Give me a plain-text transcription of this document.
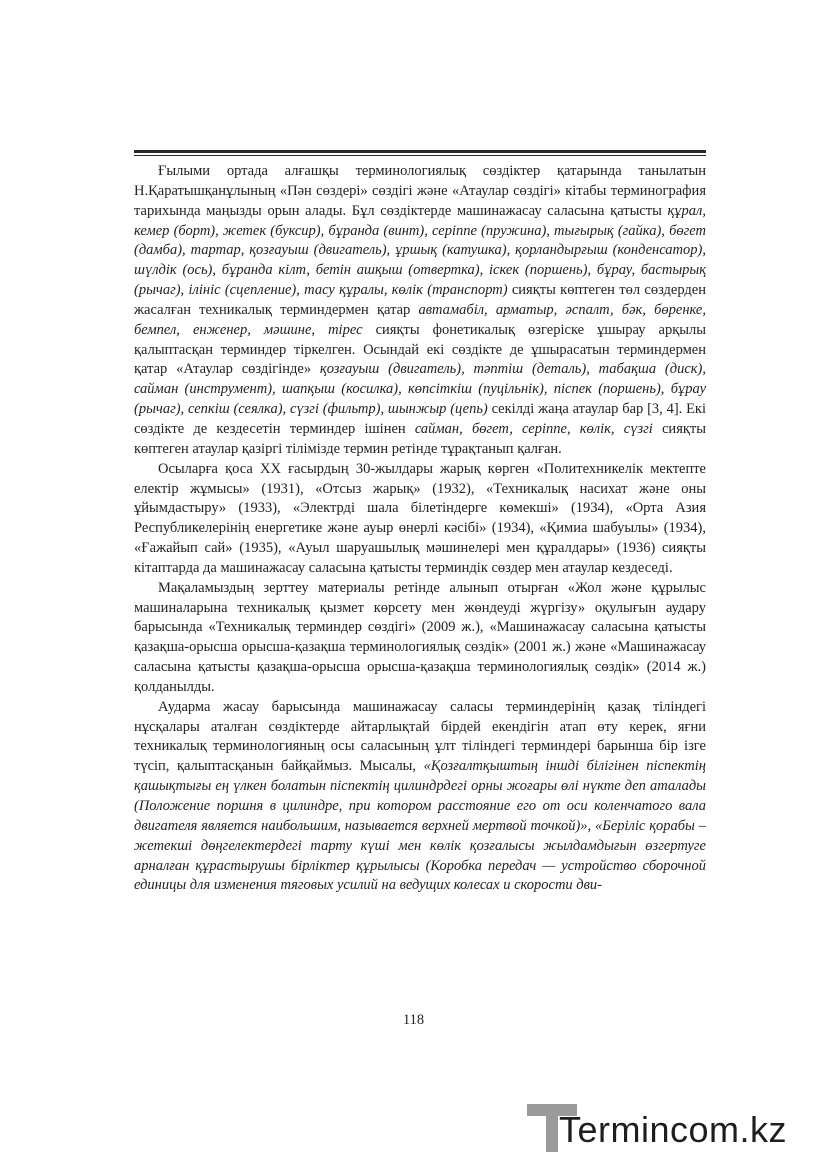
Ғылыми ортада алғашқы терминологиялық сөздіктер қатарында танылатын Н.Қаратышқанұлының «Пән сөздері» сөздігі және «Атаулар сөздігі» кітабы терминография тарихында маңызды орын алады. Бұл сөздіктерде машинажасау саласына қатысты құрал, кемер (борт), жетек (буксир), бұранда (винт), серіппе (пружина), тығырық (гайка), бөгет (дамба), тартар, қозғауыш (двигатель), ұршық (катушка), қорландырғыш (конденсатор), шүлдік (ось), бұранда кілт, бетін ашқыш (отвертка), іскек (поршень), бұрау, бастырық (рычаг), ілініс (сцепление), тасу құралы, көлік (транспорт) сияқты көптеген төл сөздерден жасалған техникалық терминдермен қатар автамабіл, арматыр, әспалт, бәк, бөренке, бемпел, енженер, мәшине, тірес сияқты фонетикалық өзгеріске ұшырау арқылы қалыптасқан терминдер тіркелген. Осындай екі сөздікте де ұшырасатын терминдермен қатар «Атаулар сөздігінде» қозғауыш (двигатель), тәптіш (деталь), табақша (диск), сайман (инструмент), шапқыш (косилка), көпсіткіш (пуцільнік), піспек (поршень), бұрау (рычаг), сепкіш (сеялка), сүзгі (фильтр), шынжыр (цепь) секілді жаңа атаулар бар [3, 4]. Екі сөздікте де кездесетін терминдер ішінен сайман, бөгет, серіппе, көлік, сүзгі сияқты көптеген атаулар қазіргі тілімізде термин ретінде тұрақтанып қалған.

Осыларға қоса ХХ ғасырдың 30-жылдары жарық көрген «Политехникелік мектепте електір жұмысы» (1931), «Отсыз жарық» (1932), «Техникалық насихат және оны ұйымдастыру» (1933), «Электрді шала білетіндерге көмекші» (1934), «Орта Азия Республикелерінің енергетике және ауыр өнерлі кәсібі» (1934), «Қимиа шабуылы» (1934), «Ғажайып сай» (1935), «Ауыл шаруашылық мәшинелері мен құралдары» (1936) сияқты кітаптарда да машинажасау саласына қатысты терминдік сөздер мен атаулар кездеседі.

Мақаламыздың зерттеу материалы ретінде алынып отырған «Жол және құрылыс машиналарына техникалық қызмет көрсету мен жөндеуді жүргізу» оқулығын аудару барысында «Техникалық терминдер сөздігі» (2009 ж.), «Машинажасау саласына қатысты қазақша-орысша орысша-қазақша терминологиялық сөздік» (2001 ж.) және «Машинажасау саласына қатысты қазақша-орысша орысша-қазақша терминологиялық сөздік» (2014 ж.) қолданылды.

Аударма жасау барысында машинажасау саласы терминдерінің қазақ тіліндегі нұсқалары аталған сөздіктерде айтарлықтай бірдей екендігін атап өту керек, яғни техникалық терминологияның осы саласының ұлт тіліндегі терминдері барынша бір ізге түсіп, қалыптасқанын байқаймыз. Мысалы, «Қозғалтқыштың іншді білігінен піспектің қашықтығы ең үлкен болатын піспектің цилиндрдегі орны жоғары өлі нүкте деп аталады (Положение поршня в цилиндре, при котором расстояние его от оси коленчатого вала двигателя является наибольшим, называется верхней мертвой точкой)», «Беріліс қорабы – жетекші дөңгелектердегі тарту күші мен көлік қозғалысы жылдамдығын өзгертуге арналған құрастырушы бірліктер құрылысы (Коробка передач — устройство сборочной единицы для изменения тяговых усилий на ведущих колесах и скорости дви-

118
Termincom.kz
